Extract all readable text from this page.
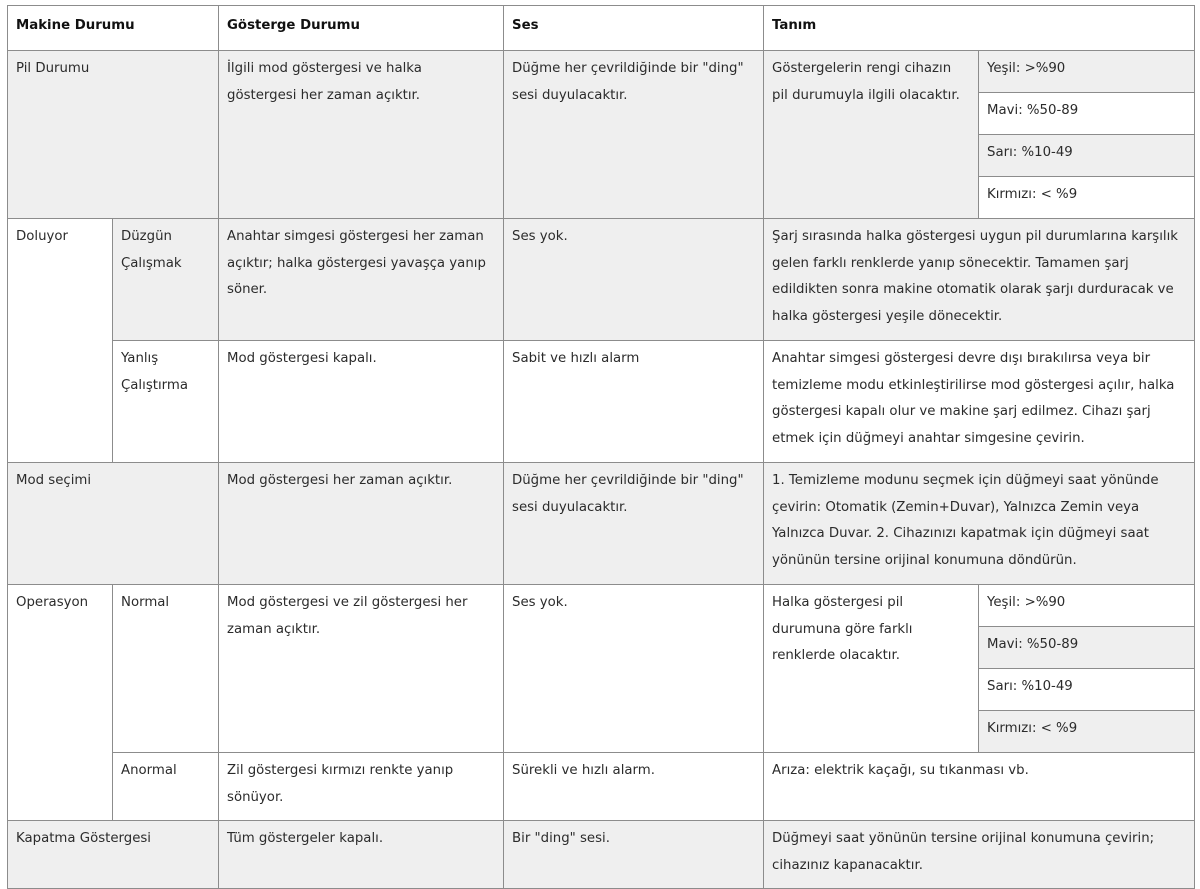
Makine Durumu		Gösterge Durumu	Ses	Tanım	
Pil Durumu		İlgili mod göstergesi ve halka göstergesi her zaman açıktır.	Düğme her çevrildiğinde bir "ding" sesi duyulacaktır.	Göstergelerin rengi cihazın pil durumuyla ilgili olacaktır.	Yeşil: >%90
					Mavi: %50-89
					Sarı: %10-49
					Kırmızı: < %9
Doluyor	Düzgün Çalışmak	Anahtar simgesi göstergesi her zaman açıktır; halka göstergesi yavaşça yanıp söner.	Ses yok.	Şarj sırasında halka göstergesi uygun pil durumlarına karşılık gelen farklı renklerde yanıp sönecektir. Tamamen şarj edildikten sonra makine otomatik olarak şarjı durduracak ve halka göstergesi yeşile dönecektir.	
	Yanlış Çalıştırma	Mod göstergesi kapalı.	Sabit ve hızlı alarm	Anahtar simgesi göstergesi devre dışı bırakılırsa veya bir temizleme modu etkinleştirilirse mod göstergesi açılır, halka göstergesi kapalı olur ve makine şarj edilmez. Cihazı şarj etmek için düğmeyi anahtar simgesine çevirin.	
Mod seçimi		Mod göstergesi her zaman açıktır.	Düğme her çevrildiğinde bir "ding" sesi duyulacaktır.	1. Temizleme modunu seçmek için düğmeyi saat yönünde çevirin: Otomatik (Zemin+Duvar), Yalnızca Zemin veya Yalnızca Duvar. 2. Cihazınızı kapatmak için düğmeyi saat yönünün tersine orijinal konumuna döndürün.	
Operasyon	Normal	Mod göstergesi ve zil göstergesi her zaman açıktır.	Ses yok.	Halka göstergesi pil durumuna göre farklı renklerde olacaktır.	Yeşil: >%90
					Mavi: %50-89
					Sarı: %10-49
					Kırmızı: < %9
	Anormal	Zil göstergesi kırmızı renkte yanıp sönüyor.	Sürekli ve hızlı alarm.	Arıza: elektrik kaçağı, su tıkanması vb.	
Kapatma Göstergesi		Tüm göstergeler kapalı.	Bir "ding" sesi.	Düğmeyi saat yönünün tersine orijinal konumuna çevirin; cihazınız kapanacaktır.	
